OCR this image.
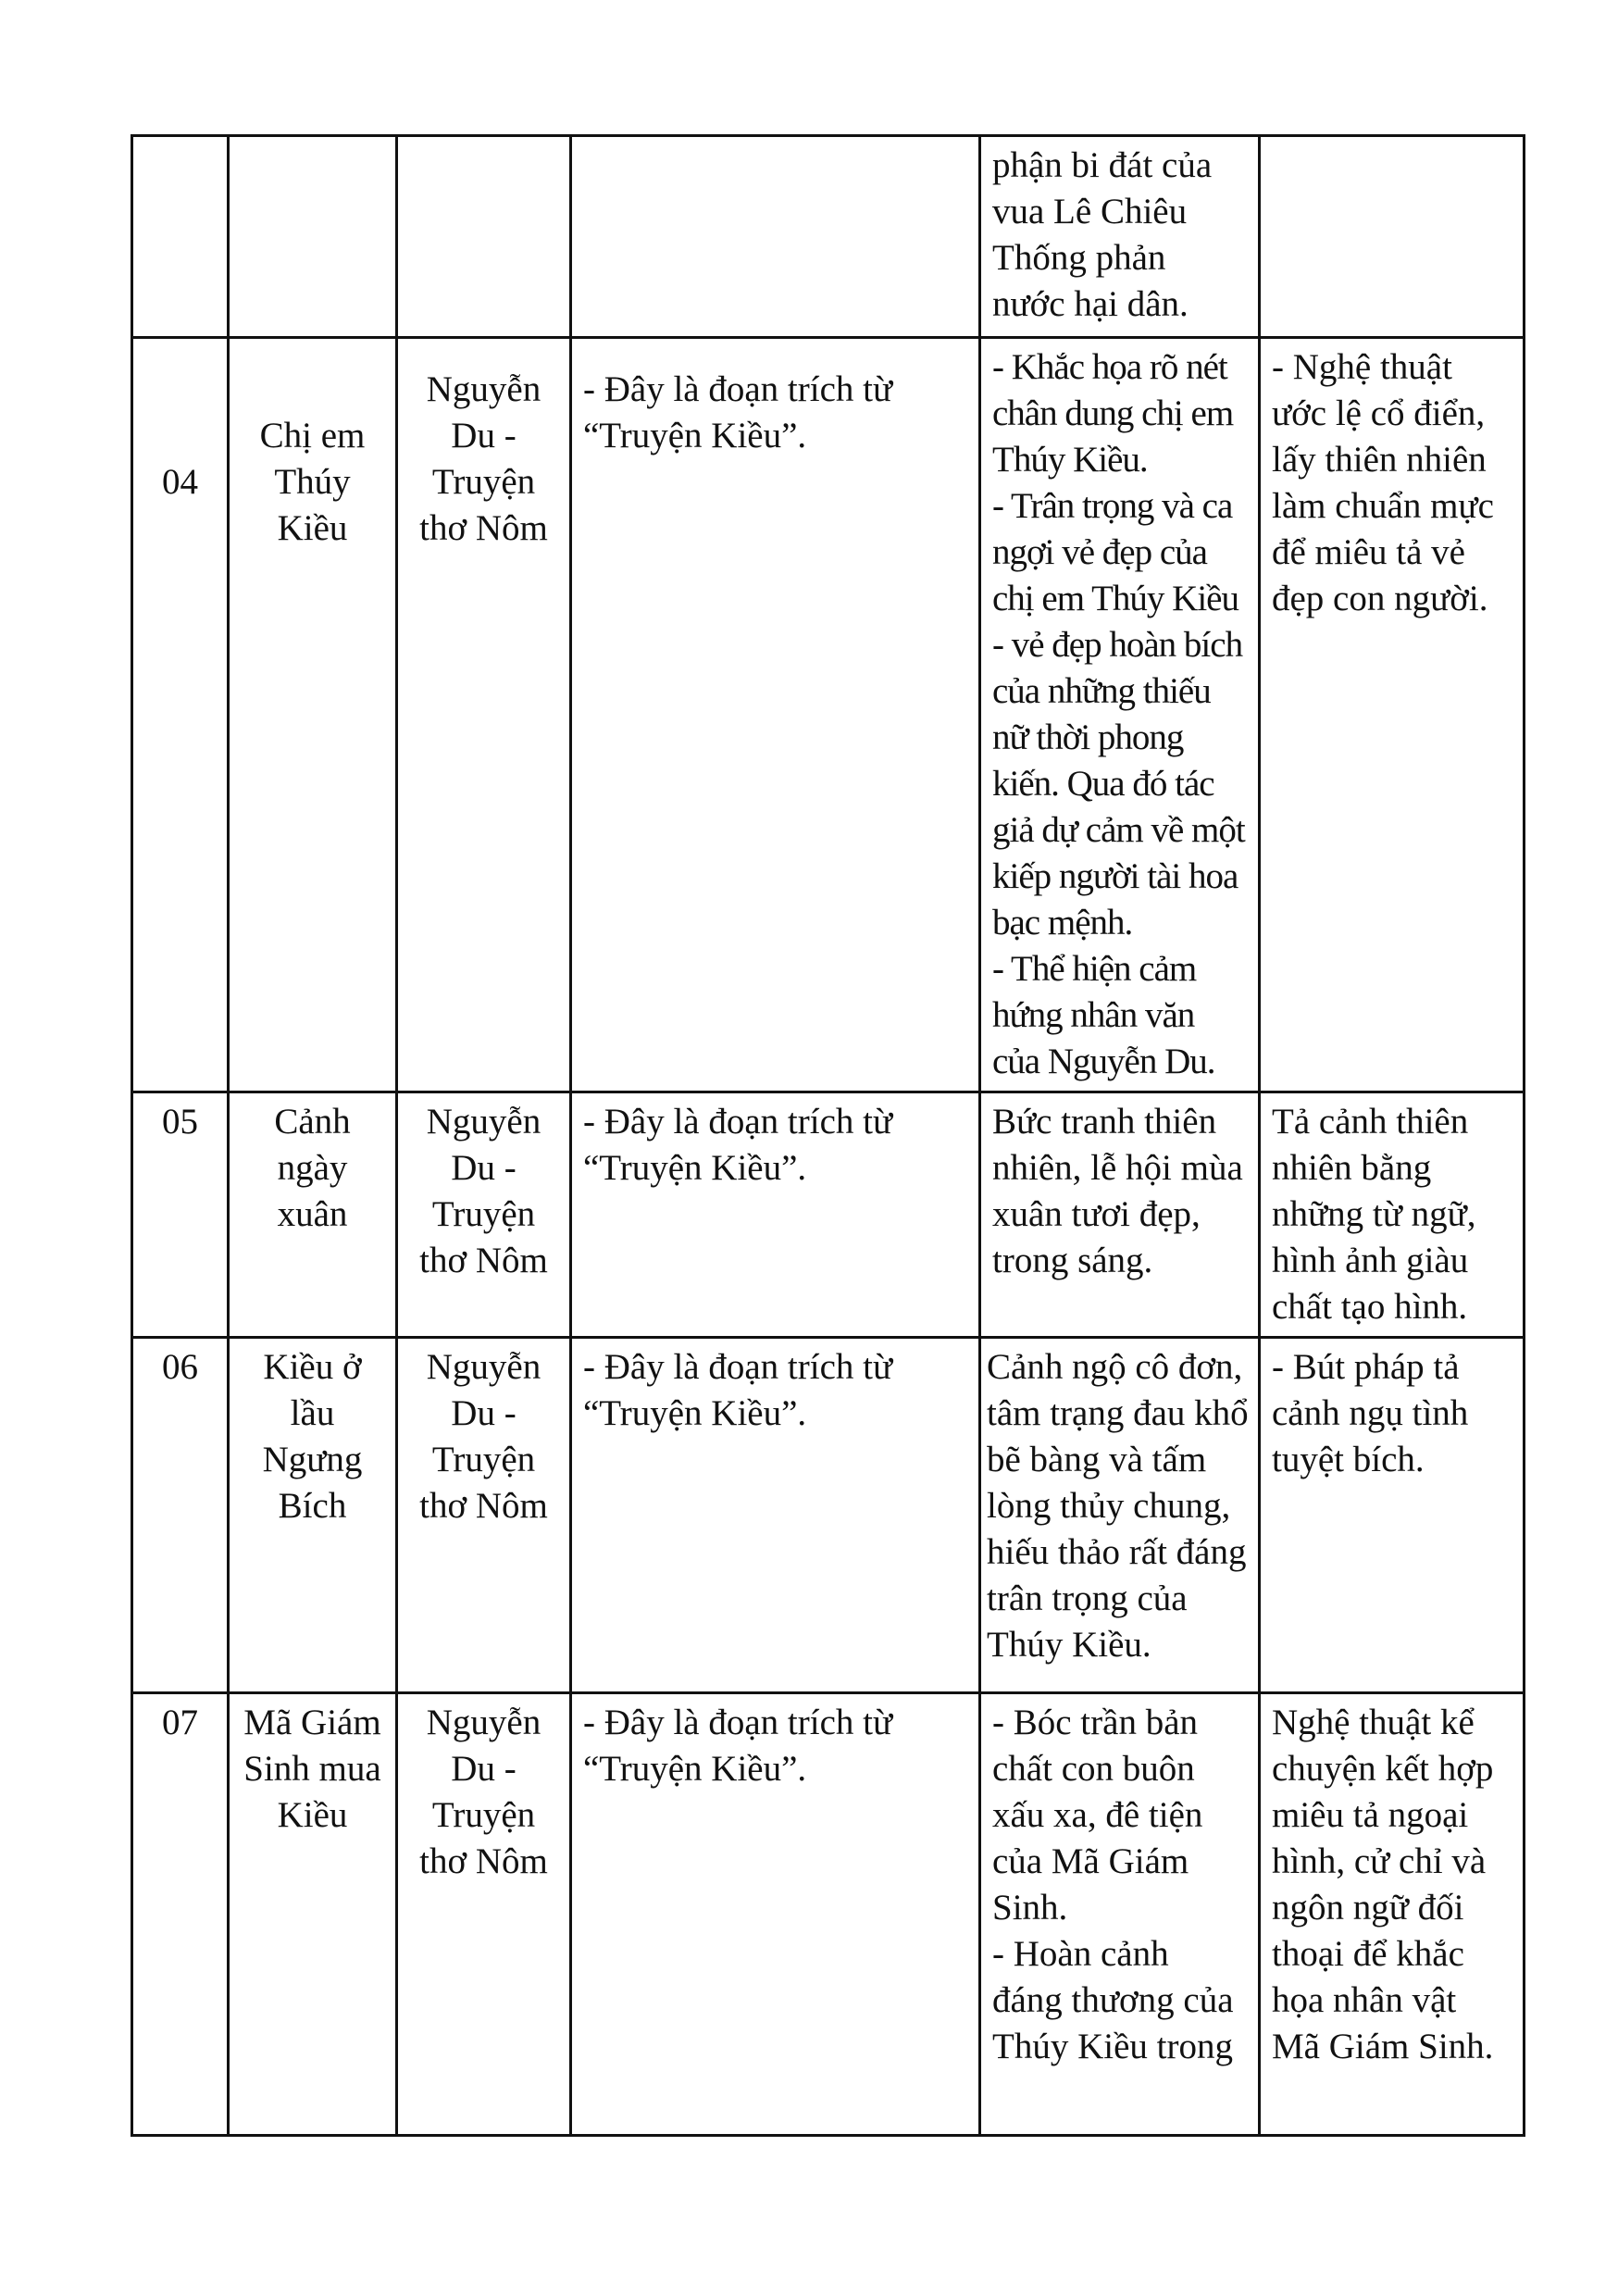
				phận bi đát của vua Lê Chiêu Thống phản nước hại dân.	

04	Chị em Thúy Kiều	Nguyễn Du - Truyện thơ Nôm	- Đây là đoạn trích từ “Truyện Kiều”.	- Khắc họa rõ nét chân dung chị em Thúy Kiều.
- Trân trọng và ca ngợi vẻ đẹp của chị em Thúy Kiều - vẻ đẹp hoàn bích của những thiếu nữ thời phong kiến. Qua đó tác giả dự cảm về một kiếp người tài hoa bạc mệnh.
- Thể hiện cảm hứng nhân văn của Nguyễn Du.	- Nghệ thuật ước lệ cổ điển, lấy thiên nhiên làm chuẩn mực để miêu tả vẻ đẹp con người.

05	Cảnh ngày xuân	Nguyễn Du - Truyện thơ Nôm	- Đây là đoạn trích từ “Truyện Kiều”.	Bức tranh thiên nhiên, lễ hội mùa xuân tươi đẹp, trong sáng.	Tả cảnh thiên nhiên bằng những từ ngữ, hình ảnh giàu chất tạo hình.

06	Kiều ở lầu Ngưng Bích	Nguyễn Du - Truyện thơ Nôm	- Đây là đoạn trích từ “Truyện Kiều”.	Cảnh ngộ cô đơn, tâm trạng đau khổ bẽ bàng và tấm lòng thủy chung, hiếu thảo rất đáng trân trọng của Thúy Kiều.	- Bút pháp tả cảnh ngụ tình tuyệt bích.

07	Mã Giám Sinh mua Kiều	Nguyễn Du - Truyện thơ Nôm	- Đây là đoạn trích từ “Truyện Kiều”.	- Bóc trần bản chất con buôn xấu xa, đê tiện của Mã Giám Sinh.
- Hoàn cảnh đáng thương của Thúy Kiều trong	Nghệ thuật kể chuyện kết hợp miêu tả ngoại hình, cử chỉ và ngôn ngữ đối thoại để khắc họa nhân vật Mã Giám Sinh.
